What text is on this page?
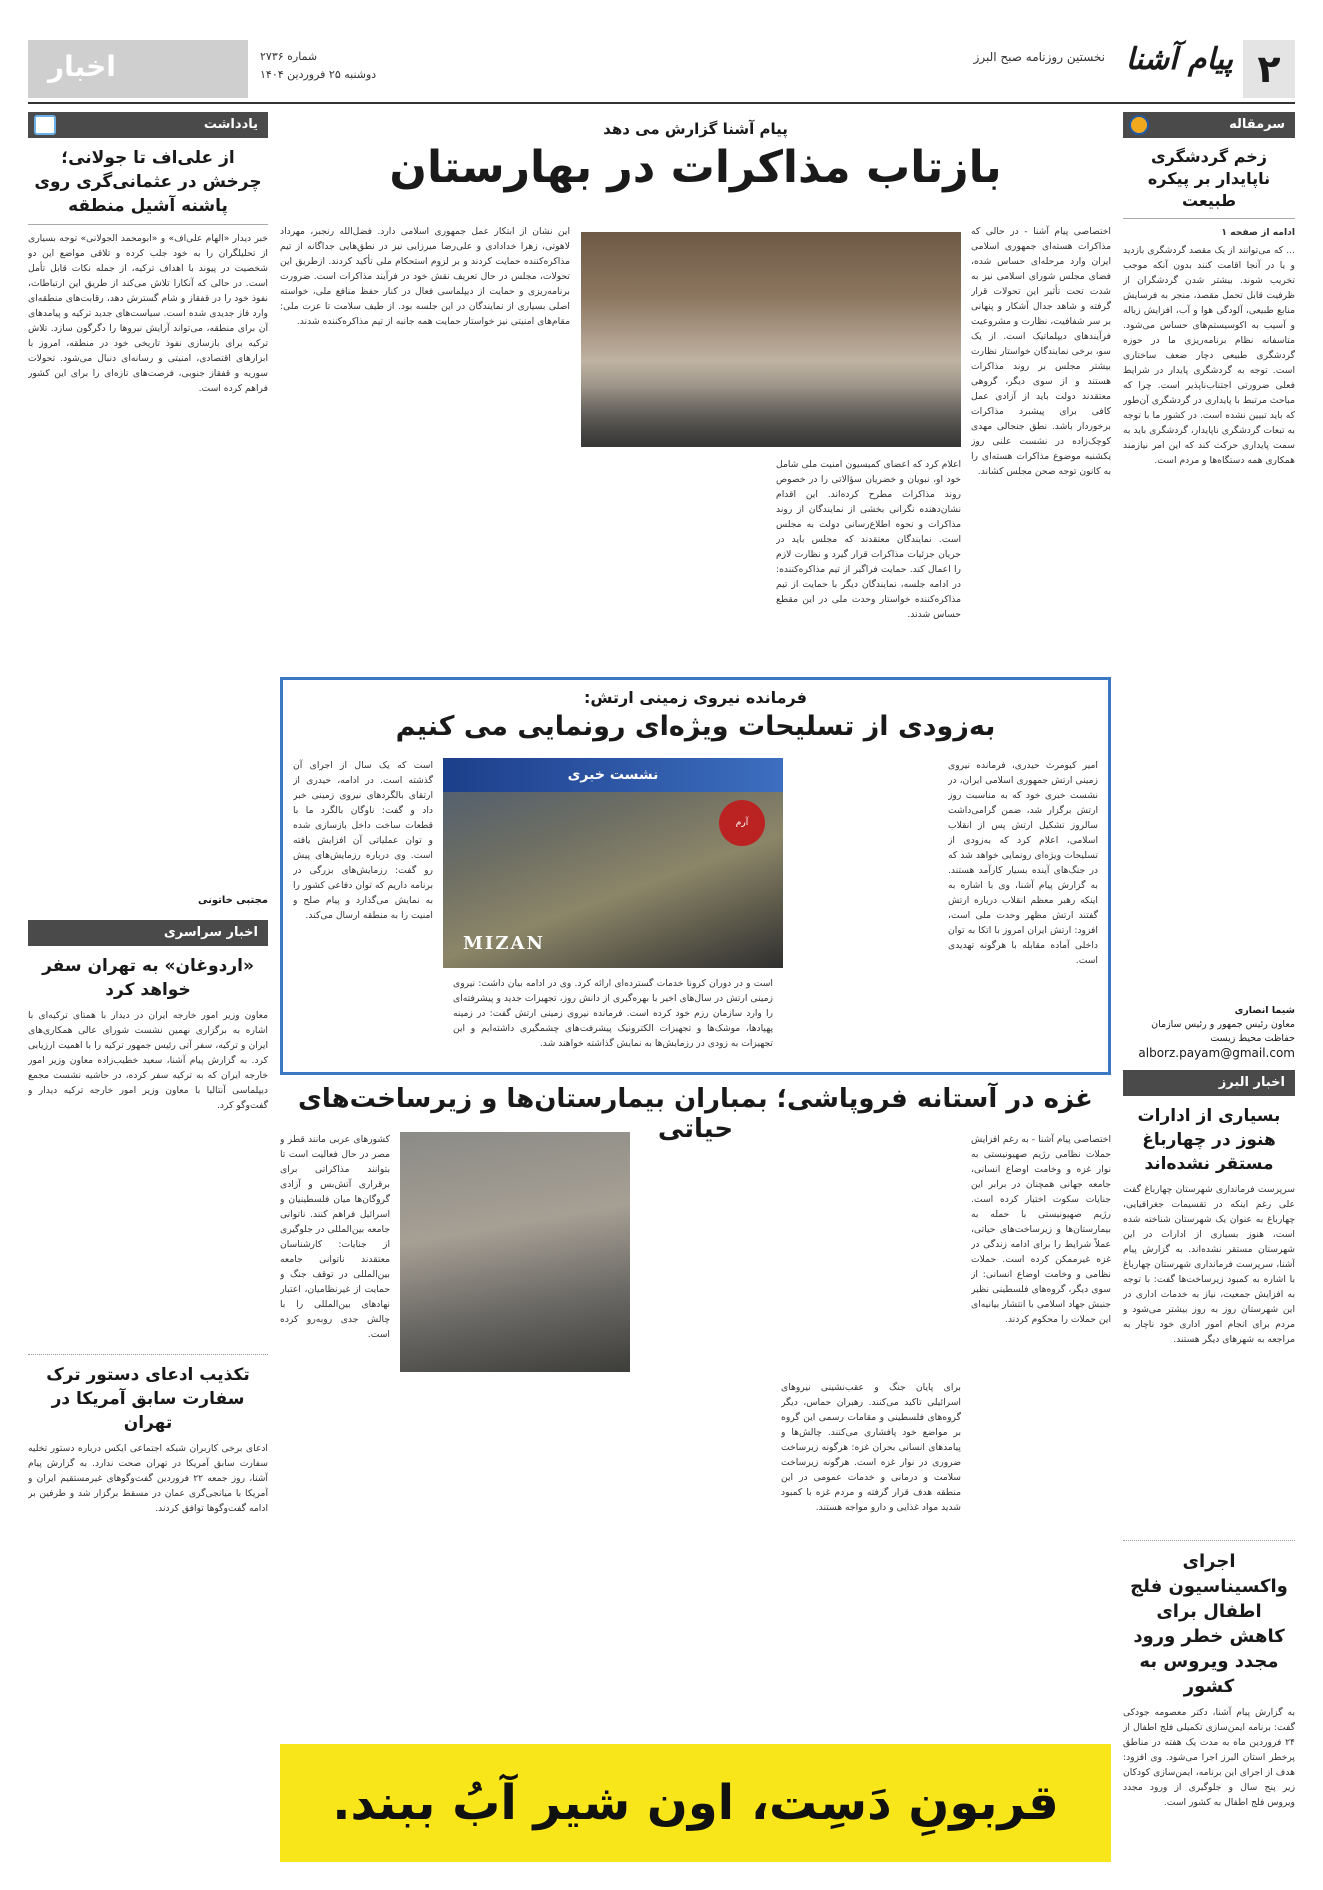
اخبار	شماره ۲۷۳۶
دوشنبه ۲۵ فروردین ۱۴۰۴	۲
پیام آشنا
نخستین روزنامه صبح البرز
سرمقاله
زخم گردشگری ناپایدار بر پیکره طبیعت

ادامه از صفحه ۱

... که می‌توانند از یک مقصد گردشگری بازدید و یا در آنجا اقامت کنند بدون آنکه موجب تخریب شوند. بیشتر شدن گردشگران از ظرفیت قابل تحمل مقصد، منجر به فرسایش منابع طبیعی، آلودگی هوا و آب، افزایش زباله و آسیب به اکوسیستم‌های حساس می‌شود. متاسفانه نظام برنامه‌ریزی ما در حوزه گردشگری طبیعی دچار ضعف ساختاری است. توجه به گردشگری پایدار در شرایط فعلی ضرورتی اجتناب‌ناپذیر است. چرا که مباحث مرتبط با پایداری در گردشگری آن‌طور که باید تبیین نشده است. در کشور ما با توجه به تبعات گردشگری ناپایدار، گردشگری باید به سمت پایداری حرکت کند که این امر نیازمند همکاری همه دستگاه‌ها و مردم است.

شیما انصاری
معاون رئیس جمهور و رئیس سازمان حفاظت محیط زیست
alborz.payam@gmail.com
اخبار البرز
بسیاری از ادارات هنوز در چهارباغ مستقر نشده‌اند
سرپرست فرمانداری شهرستان چهارباغ گفت علی رغم اینکه در تقسیمات جغرافیایی، چهارباغ به عنوان یک شهرستان شناخته شده است، هنوز بسیاری از ادارات در این شهرستان مستقر نشده‌اند. به گزارش پیام آشنا، سرپرست فرمانداری شهرستان چهارباغ با اشاره به کمبود زیرساخت‌ها گفت: با توجه به افزایش جمعیت، نیاز به خدمات اداری در این شهرستان روز به روز بیشتر می‌شود و مردم برای انجام امور اداری خود ناچار به مراجعه به شهرهای دیگر هستند.
اجرای واکسیناسیون فلج اطفال برای کاهش خطر ورود مجدد ویروس به کشور
به گزارش پیام آشنا، دکتر معصومه جودکی گفت: برنامه ایمن‌سازی تکمیلی فلج اطفال از ۲۴ فروردین ماه به مدت یک هفته در مناطق پرخطر استان البرز اجرا می‌شود. وی افزود: هدف از اجرای این برنامه، ایمن‌سازی کودکان زیر پنج سال و جلوگیری از ورود مجدد ویروس فلج اطفال به کشور است.
یادداشت
از علی‌اف تا جولانی؛ چرخش در عثمانی‌گری روی پاشنه آشیل منطقه
خبر دیدار «الهام علی‌اف» و «ابومحمد الجولانی» توجه بسیاری از تحلیلگران را به خود جلب کرده و تلاقی مواضع این دو شخصیت در پیوند با اهداف ترکیه، از جمله نکات قابل تأمل است. در حالی که آنکارا تلاش می‌کند از طریق این ارتباطات، نفوذ خود را در قفقاز و شام گسترش دهد، رقابت‌های منطقه‌ای وارد فاز جدیدی شده است. سیاست‌های جدید ترکیه و پیامدهای آن برای منطقه، می‌تواند آرایش نیروها را دگرگون سازد. تلاش ترکیه برای بازسازی نفوذ تاریخی خود در منطقه، امروز با ابزارهای اقتصادی، امنیتی و رسانه‌ای دنبال می‌شود. تحولات سوریه و قفقاز جنوبی، فرصت‌های تازه‌ای را برای این کشور فراهم کرده است.
مجتبی خاتونی
اخبار سراسری
«اردوغان» به تهران سفر خواهد کرد
معاون وزیر امور خارجه ایران در دیدار با همتای ترکیه‌ای با اشاره به برگزاری نهمین نشست شورای عالی همکاری‌های ایران و ترکیه، سفر آتی رئیس جمهور ترکیه را با اهمیت ارزیابی کرد. به گزارش پیام آشنا، سعید خطیب‌زاده معاون وزیر امور خارجه ایران که به ترکیه سفر کرده، در حاشیه نشست مجمع دیپلماسی آنتالیا با معاون وزیر امور خارجه ترکیه دیدار و گفت‌وگو کرد.
تکذیب ادعای دستور ترک سفارت سابق آمریکا در تهران
ادعای برخی کاربران شبکه اجتماعی ایکس درباره دستور تخلیه سفارت سابق آمریکا در تهران صحت ندارد. به گزارش پیام آشنا، روز جمعه ۲۲ فروردین گفت‌وگوهای غیرمستقیم ایران و آمریکا با میانجی‌گری عمان در مسقط برگزار شد و طرفین بر ادامه گفت‌وگوها توافق کردند.
پیام آشنا گزارش می دهد
بازتاب مذاکرات در بهارستان
اختصاصی پیام آشنا - در حالی که مذاکرات هسته‌ای جمهوری اسلامی ایران وارد مرحله‌ای حساس شده، فضای مجلس شورای اسلامی نیز به شدت تحت تأثیر این تحولات قرار گرفته و شاهد جدال آشکار و پنهانی بر سر شفافیت، نظارت و مشروعیت فرآیندهای دیپلماتیک است. از یک سو، برخی نمایندگان خواستار نظارت بیشتر مجلس بر روند مذاکرات هستند و از سوی دیگر، گروهی معتقدند دولت باید از آزادی عمل کافی برای پیشبرد مذاکرات برخوردار باشد. نطق جنجالی مهدی کوچک‌زاده در نشست علنی روز یکشنبه موضوع مذاکرات هسته‌ای را به کانون توجه صحن مجلس کشاند.
اعلام کرد که اعضای کمیسیون امنیت ملی شامل خود او، نبویان و خضریان سؤالاتی را در خصوص روند مذاکرات مطرح کرده‌اند. این اقدام نشان‌دهنده نگرانی بخشی از نمایندگان از روند مذاکرات و نحوه اطلاع‌رسانی دولت به مجلس است. نمایندگان معتقدند که مجلس باید در جریان جزئیات مذاکرات قرار گیرد و نظارت لازم را اعمال کند. حمایت فراگیر از تیم مذاکره‌کننده: در ادامه جلسه، نمایندگان دیگر با حمایت از تیم مذاکره‌کننده خواستار وحدت ملی در این مقطع حساس شدند.
این نشان از ابتکار عمل جمهوری اسلامی دارد. فضل‌الله رنجبر، مهرداد لاهوتی، زهرا خدادادی و علی‌رضا میرزایی نیز در نطق‌هایی جداگانه از تیم مذاکره‌کننده حمایت کردند و بر لزوم استحکام ملی تأکید کردند. ازطریق این تحولات، مجلس در حال تعریف نقش خود در فرآیند مذاکرات است. ضرورت برنامه‌ریزی و حمایت از دیپلماسی فعال در کنار حفظ منافع ملی، خواسته اصلی بسیاری از نمایندگان در این جلسه بود. از طیف سلامت تا عزت ملی: مقام‌های امنیتی نیز خواستار حمایت همه جانبه از تیم مذاکره‌کننده شدند.
فرمانده نیروی زمینی ارتش:
به‌زودی از تسلیحات ویژه‌ای رونمایی می کنیم
نشست خبری
آرم
MIZAN
امیر کیومرث حیدری، فرمانده نیروی زمینی ارتش جمهوری اسلامی ایران، در نشست خبری خود که به مناسبت روز ارتش برگزار شد، ضمن گرامی‌داشت سالروز تشکیل ارتش پس از انقلاب اسلامی، اعلام کرد که به‌زودی از تسلیحات ویژه‌ای رونمایی خواهد شد که در جنگ‌های آینده بسیار کارآمد هستند. به گزارش پیام آشنا، وی با اشاره به اینکه رهبر معظم انقلاب درباره ارتش گفتند ارتش مظهر وحدت ملی است، افزود: ارتش ایران امروز با اتکا به توان داخلی آماده مقابله با هرگونه تهدیدی است.
است و در دوران کرونا خدمات گسترده‌ای ارائه کرد. وی در ادامه بیان داشت: نیروی زمینی ارتش در سال‌های اخیر با بهره‌گیری از دانش روز، تجهیزات جدید و پیشرفته‌ای را وارد سازمان رزم خود کرده است. فرمانده نیروی زمینی ارتش گفت: در زمینه پهپادها، موشک‌ها و تجهیزات الکترونیک پیشرفت‌های چشمگیری داشته‌ایم و این تجهیزات به زودی در رزمایش‌ها به نمایش گذاشته خواهند شد.
است که یک سال از اجرای آن گذشته است. در ادامه، حیدری از ارتقای بالگردهای نیروی زمینی خبر داد و گفت: ناوگان بالگرد ما با قطعات ساخت داخل بازسازی شده و توان عملیاتی آن افزایش یافته است. وی درباره رزمایش‌های پیش رو گفت: رزمایش‌های بزرگی در برنامه داریم که توان دفاعی کشور را به نمایش می‌گذارد و پیام صلح و امنیت را به منطقه ارسال می‌کند.
غزه در آستانه فروپاشی؛ بمباران بیمارستان‌ها و زیرساخت‌های حیاتی	اختصاصی پیام آشنا - به رغم افزایش حملات نظامی رژیم صهیونیستی به نوار غزه و وخامت اوضاع انسانی، جامعه جهانی همچنان در برابر این جنایات سکوت اختیار کرده است. رژیم صهیونیستی با حمله به بیمارستان‌ها و زیرساخت‌های حیاتی، عملاً شرایط را برای ادامه زندگی در غزه غیرممکن کرده است. حملات نظامی و وخامت اوضاع انسانی: از سوی دیگر، گروه‌های فلسطینی نظیر جنبش جهاد اسلامی با انتشار بیانیه‌ای این حملات را محکوم کردند.
برای پایان جنگ و عقب‌نشینی نیروهای اسرائیلی تاکید می‌کنند. رهبران حماس، دیگر گروه‌های فلسطینی و مقامات رسمی این گروه بر مواضع خود پافشاری می‌کنند. چالش‌ها و پیامدهای انسانی بحران غزه: هرگونه زیرساخت ضروری در نوار غزه است. هرگونه زیرساخت سلامت و درمانی و خدمات عمومی در این منطقه هدف قرار گرفته و مردم غزه با کمبود شدید مواد غذایی و دارو مواجه هستند.
کشورهای عربی مانند قطر و مصر در حال فعالیت است تا بتوانند مذاکراتی برای برقراری آتش‌بس و آزادی گروگان‌ها میان فلسطینیان و اسرائیل فراهم کنند. ناتوانی جامعه بین‌المللی در جلوگیری از جنایات: کارشناسان معتقدند ناتوانی جامعه بین‌المللی در توقف جنگ و حمایت از غیرنظامیان، اعتبار نهادهای بین‌المللی را با چالش جدی روبه‌رو کرده است.
قربونِ دَسِت، اون شیر آبُ ببند.
